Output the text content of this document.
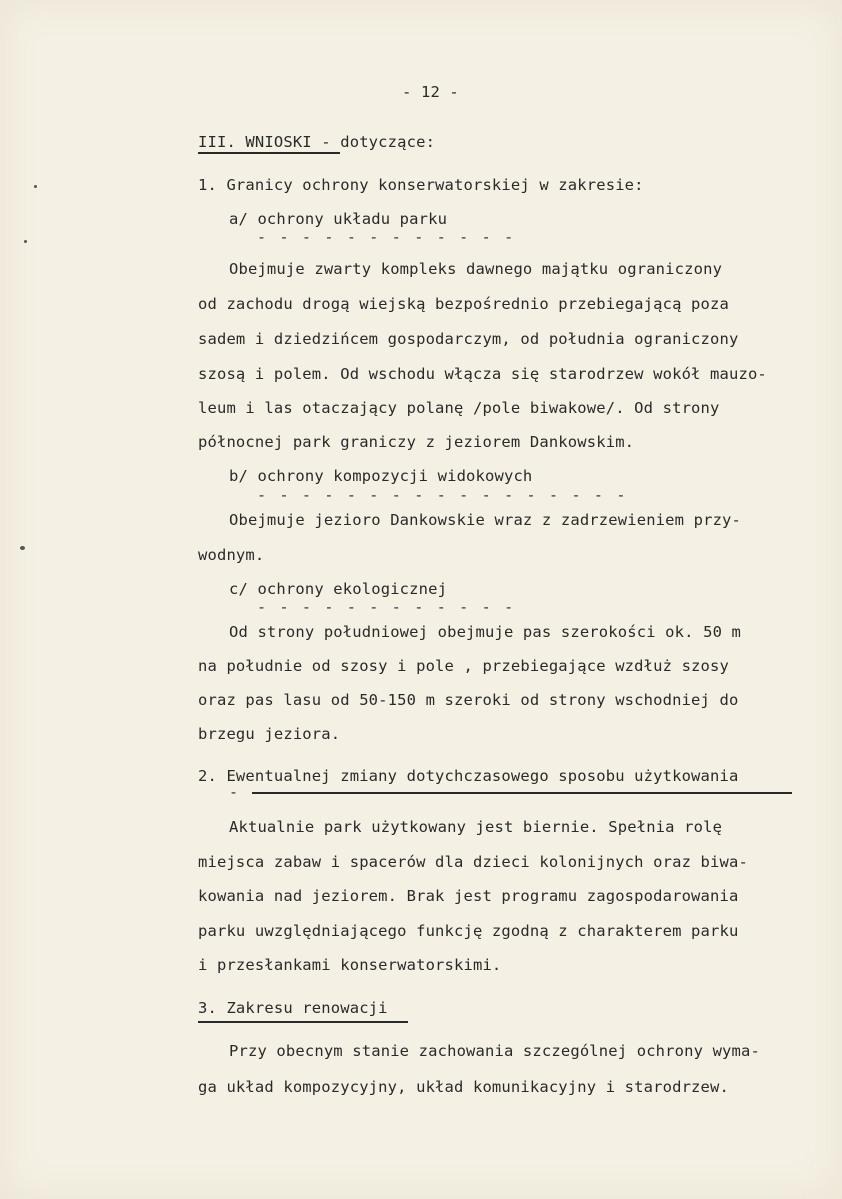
- 12 -
III. WNIOSKI - dotyczące:
1. Granicy ochrony konserwatorskiej w zakresie:
a/ ochrony układu parku
- - - - - - - - - - - -
Obejmuje zwarty kompleks dawnego majątku ograniczony
od zachodu drogą wiejską bezpośrednio przebiegającą poza
sadem i dziedzińcem gospodarczym, od południa ograniczony
szosą i polem. Od wschodu włącza się starodrzew wokół mauzo-
leum i las otaczający polanę /pole biwakowe/. Od strony
północnej park graniczy z jeziorem Dankowskim.
b/ ochrony kompozycji widokowych
- - - - - - - - - - - - - - - - -
Obejmuje jezioro Dankowskie wraz z zadrzewieniem przy-
wodnym.
c/ ochrony ekologicznej
- - - - - - - - - - - -
Od strony południowej obejmuje pas szerokości ok. 50 m
na południe od szosy i pole , przebiegające wzdłuż szosy
oraz pas lasu od 50-150 m szeroki od strony wschodniej do
brzegu jeziora.
2. Ewentualnej zmiany dotychczasowego sposobu użytkowania
-
Aktualnie park użytkowany jest biernie. Spełnia rolę
miejsca zabaw i spacerów dla dzieci kolonijnych oraz biwa-
kowania nad jeziorem. Brak jest programu zagospodarowania
parku uwzględniającego funkcję zgodną z charakterem parku
i przesłankami konserwatorskimi.
3. Zakresu renowacji
Przy obecnym stanie zachowania szczególnej ochrony wyma-
ga układ kompozycyjny, układ komunikacyjny i starodrzew.
